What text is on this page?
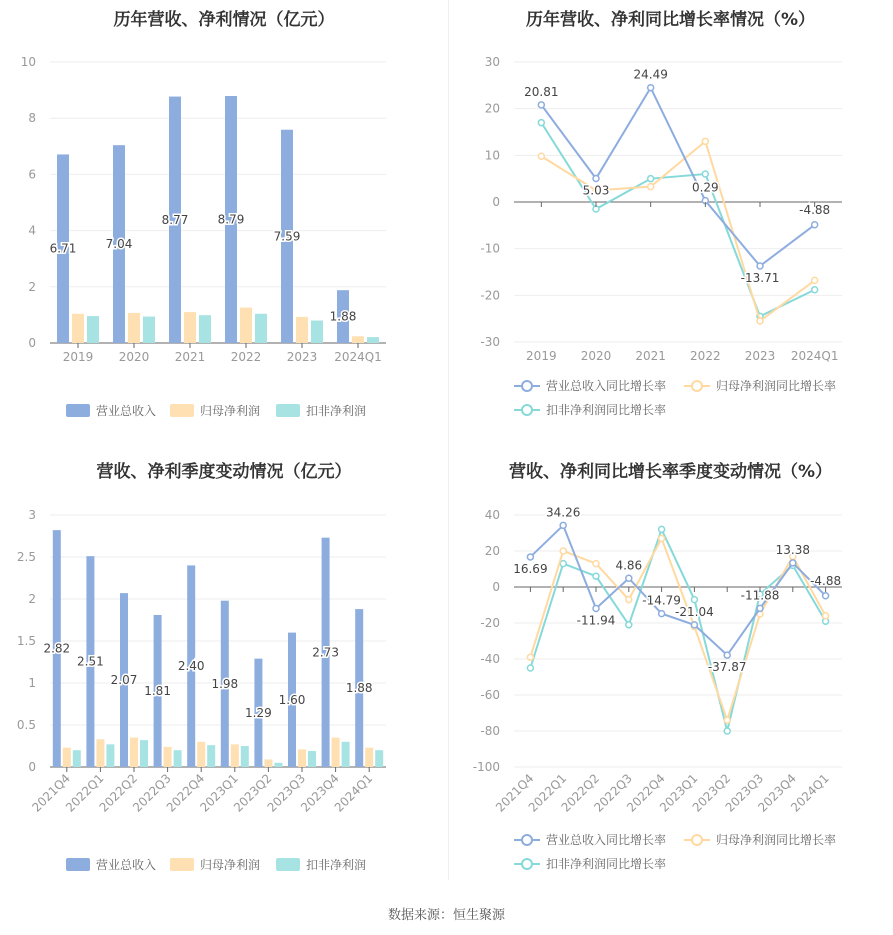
历年营收、净利情况（亿元）
0
2
4
6
8
10
6.71 7.04
8.77 8.79
7.59
1.88
2019 2020 2021 2022 2023 2024Q1
营业总收入	归母净利润	扣非净利润
历年营收、净利同比增长率情况（%）
-30
-20
-10
0
10
20
30
20.81
5.03
24.49
0.29
-13.71
-4.88
2019 2020 2021 2022 2023 2024Q1
营业总收入同比增长率	归母净利润同比增长率
扣非净利润同比增长率
营收、净利季度变动情况（亿元）
0
0.5
1
1.5
2
2.5
3
2.82
2.51
2.07
1.81
2.40
1.98
1.29
1.60
2.73
1.88
2021Q4
2022Q1
2022Q2
2022Q3
2022Q4
2023Q1
2023Q2
2023Q3
2023Q4
2024Q1
营业总收入	归母净利润	扣非净利润
营收、净利同比增长率季度变动情况（%）
-100
-80
-60
-40
-20
0
20
40
16.69
34.26
-11.94
4.86
-14.79
-21.04
-37.87
-11.88
13.38
-4.88
2021Q4
2022Q1
2022Q2
2022Q3
2022Q4
2023Q1
2023Q2
2023Q3
2023Q4
2024Q1
营业总收入同比增长率	归母净利润同比增长率
扣非净利润同比增长率
数据来源：恒生聚源
